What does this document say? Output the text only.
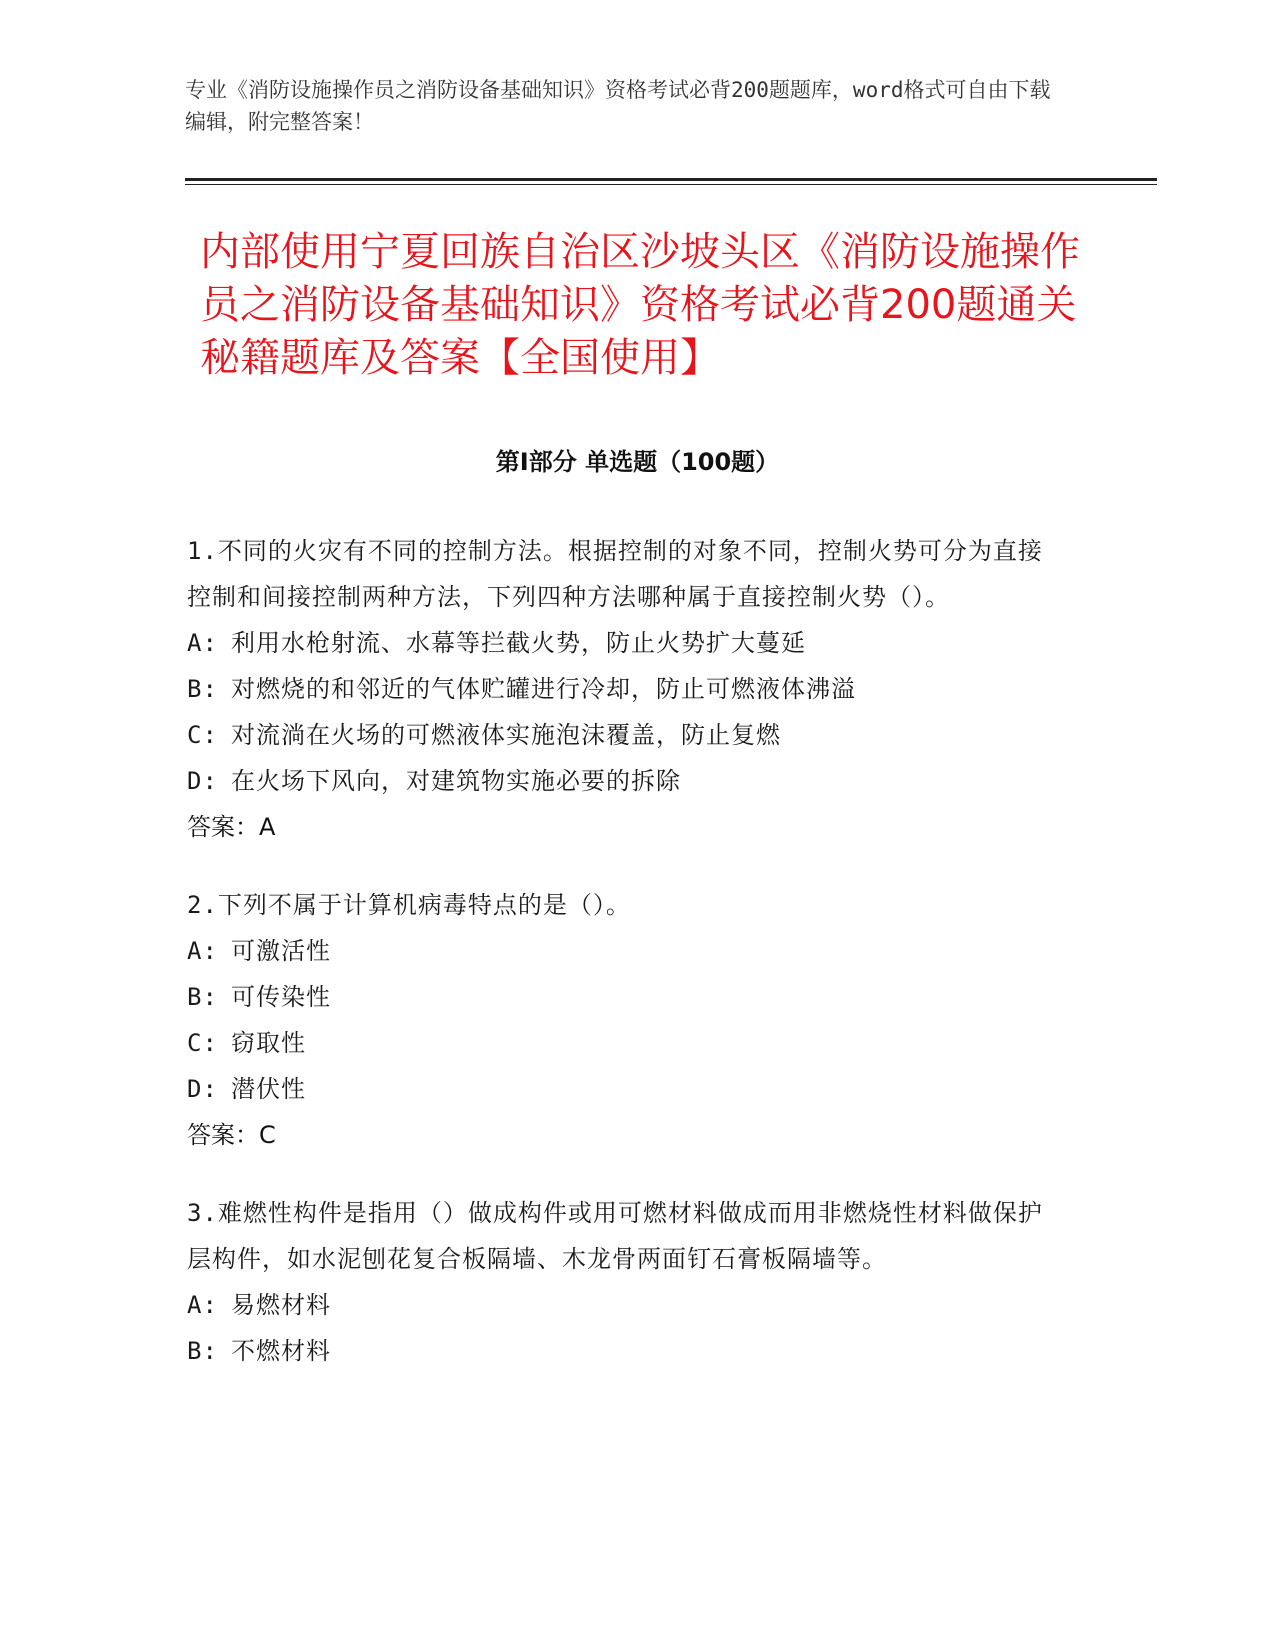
专业《消防设施操作员之消防设备基础知识》资格考试必背200题题库，word格式可自由下载编辑，附完整答案！
内部使用宁夏回族自治区沙坡头区《消防设施操作员之消防设备基础知识》资格考试必背200题通关秘籍题库及答案【全国使用】
第Ⅰ部分 单选题（100题）
1.不同的火灾有不同的控制方法。根据控制的对象不同，控制火势可分为直接控制和间接控制两种方法，下列四种方法哪种属于直接控制火势（）。
A: 利用水枪射流、水幕等拦截火势，防止火势扩大蔓延
B: 对燃烧的和邻近的气体贮罐进行冷却，防止可燃液体沸溢
C: 对流淌在火场的可燃液体实施泡沫覆盖，防止复燃
D: 在火场下风向，对建筑物实施必要的拆除
答案：A
2.下列不属于计算机病毒特点的是（）。
A: 可激活性
B: 可传染性
C: 窃取性
D: 潜伏性
答案：C
3.难燃性构件是指用（）做成构件或用可燃材料做成而用非燃烧性材料做保护层构件，如水泥刨花复合板隔墙、木龙骨两面钉石膏板隔墙等。
A: 易燃材料
B: 不燃材料
